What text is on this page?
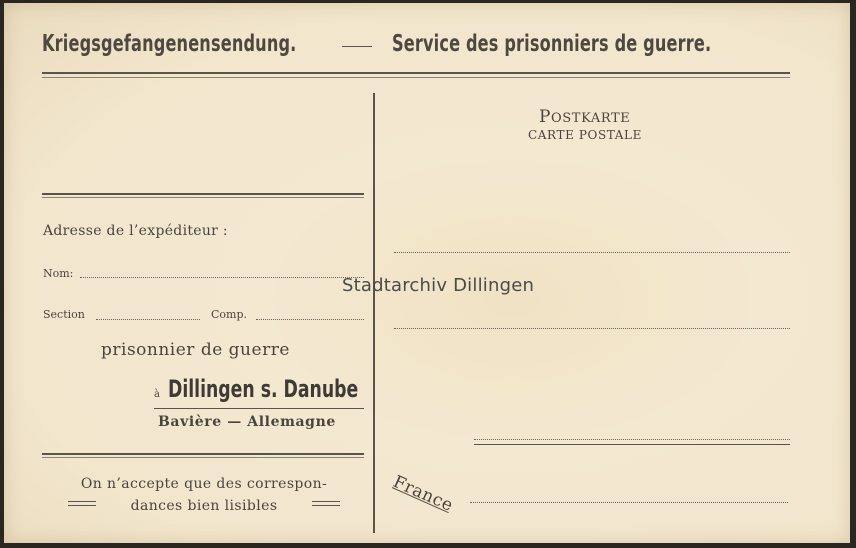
Kriegsgefangenensendung.	Service des prisonniers de guerre.
Adresse de l’expéditeur :
Nom:
Section	Comp.
prisonnier de guerre
à Dillingen s. Danube
Bavière — Allemagne
On n’accepte que des correspon-
dances bien lisibles
POSTKARTE
CARTE POSTALE
France
Stadtarchiv Dillingen
